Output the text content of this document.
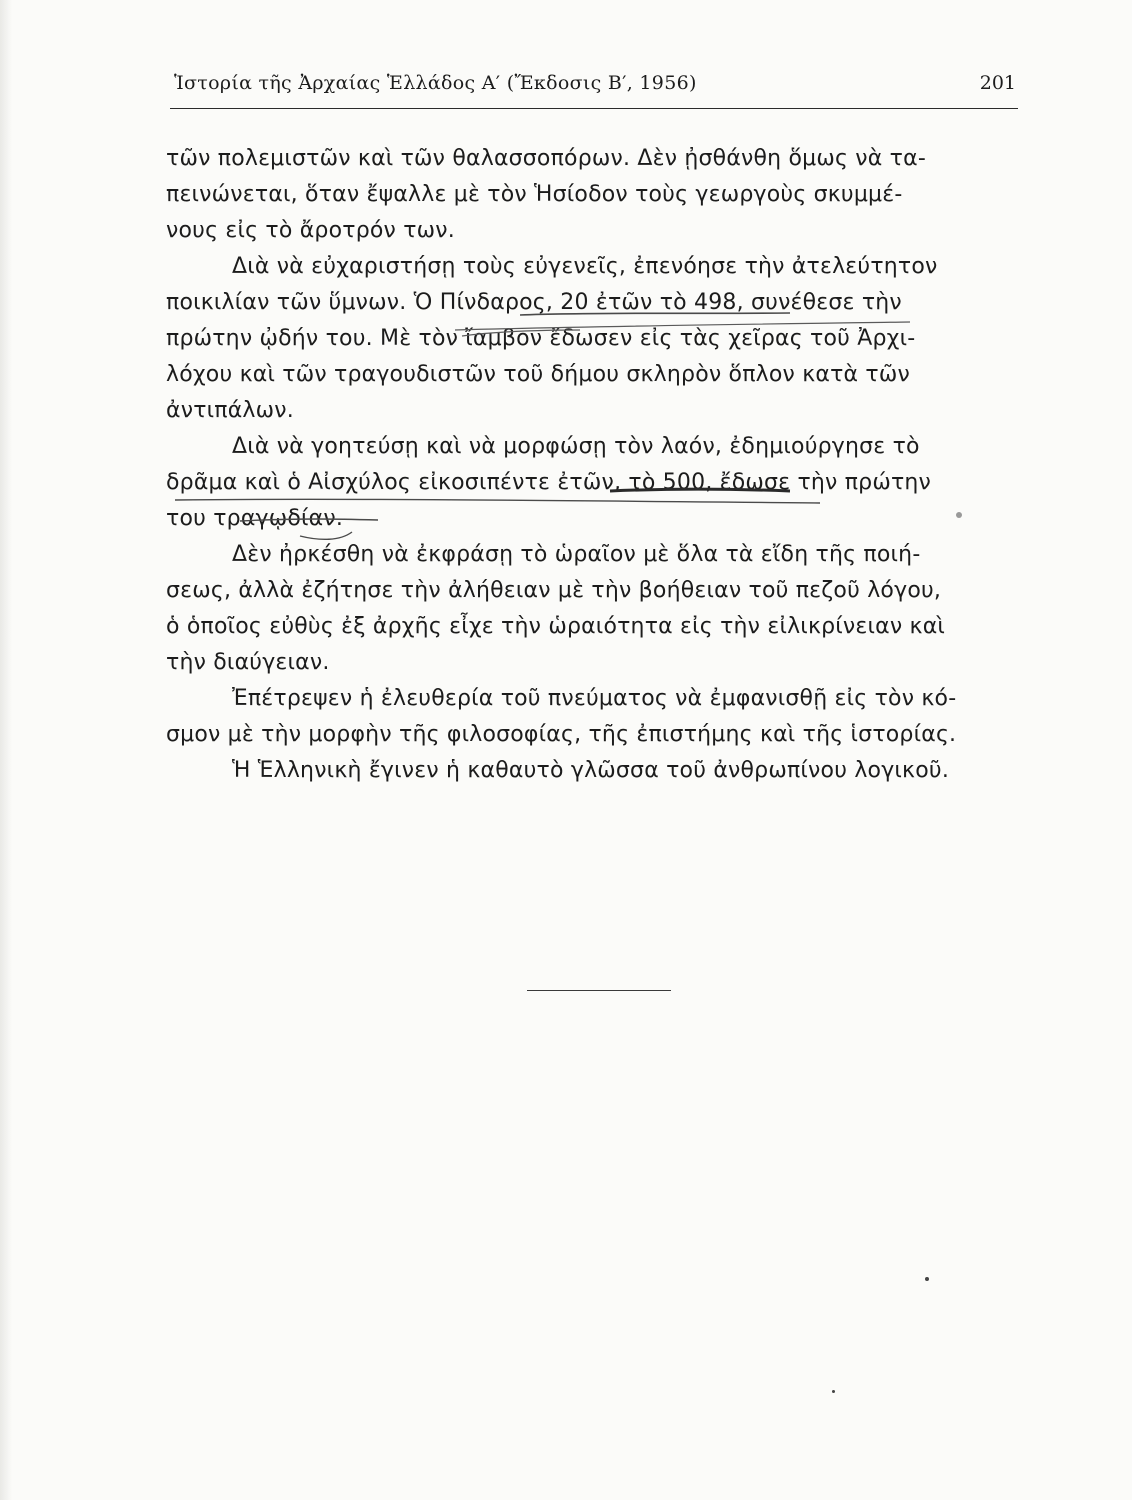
Ἱστορία τῆς Ἀρχαίας Ἑλλάδος Α′ (Ἔκδοσις Β′, 1956)	201
τῶν πολεμιστῶν καὶ τῶν θαλασσοπόρων. Δὲν ᾐσθάνθη ὅμως νὰ τα-
πεινώνεται, ὅταν ἔψαλλε μὲ τὸν Ἡσίοδον τοὺς γεωργοὺς σκυμμέ-
νους εἰς τὸ ἄροτρόν των.
Διὰ νὰ εὐχαριστήσῃ τοὺς εὐγενεῖς, ἐπενόησε τὴν ἀτελεύτητον
ποικιλίαν τῶν ὕμνων. Ὁ Πίνδαρος, 20 ἐτῶν τὸ 498, συνέθεσε τὴν
πρώτην ᾠδήν του. Μὲ τὸν ἴαμβον ἔδωσεν εἰς τὰς χεῖρας τοῦ Ἀρχι-
λόχου καὶ τῶν τραγουδιστῶν τοῦ δήμου σκληρὸν ὅπλον κατὰ τῶν
ἀντιπάλων.
Διὰ νὰ γοητεύσῃ καὶ νὰ μορφώσῃ τὸν λαόν, ἐδημιούργησε τὸ
δρᾶμα καὶ ὁ Αἰσχύλος εἰκοσιπέντε ἐτῶν, τὸ 500, ἔδωσε τὴν πρώτην
του τραγῳδίαν.
Δὲν ἠρκέσθη νὰ ἐκφράσῃ τὸ ὡραῖον μὲ ὅλα τὰ εἴδη τῆς ποιή-
σεως, ἀλλὰ ἐζήτησε τὴν ἀλήθειαν μὲ τὴν βοήθειαν τοῦ πεζοῦ λόγου,
ὁ ὁποῖος εὐθὺς ἐξ ἀρχῆς εἶχε τὴν ὡραιότητα εἰς τὴν εἰλικρίνειαν καὶ
τὴν διαύγειαν.
Ἐπέτρεψεν ἡ ἐλευθερία τοῦ πνεύματος νὰ ἐμφανισθῇ εἰς τὸν κό-
σμον μὲ τὴν μορφὴν τῆς φιλοσοφίας, τῆς ἐπιστήμης καὶ τῆς ἱστορίας.
Ἡ Ἑλληνικὴ ἔγινεν ἡ καθαυτὸ γλῶσσα τοῦ ἀνθρωπίνου λογικοῦ.
